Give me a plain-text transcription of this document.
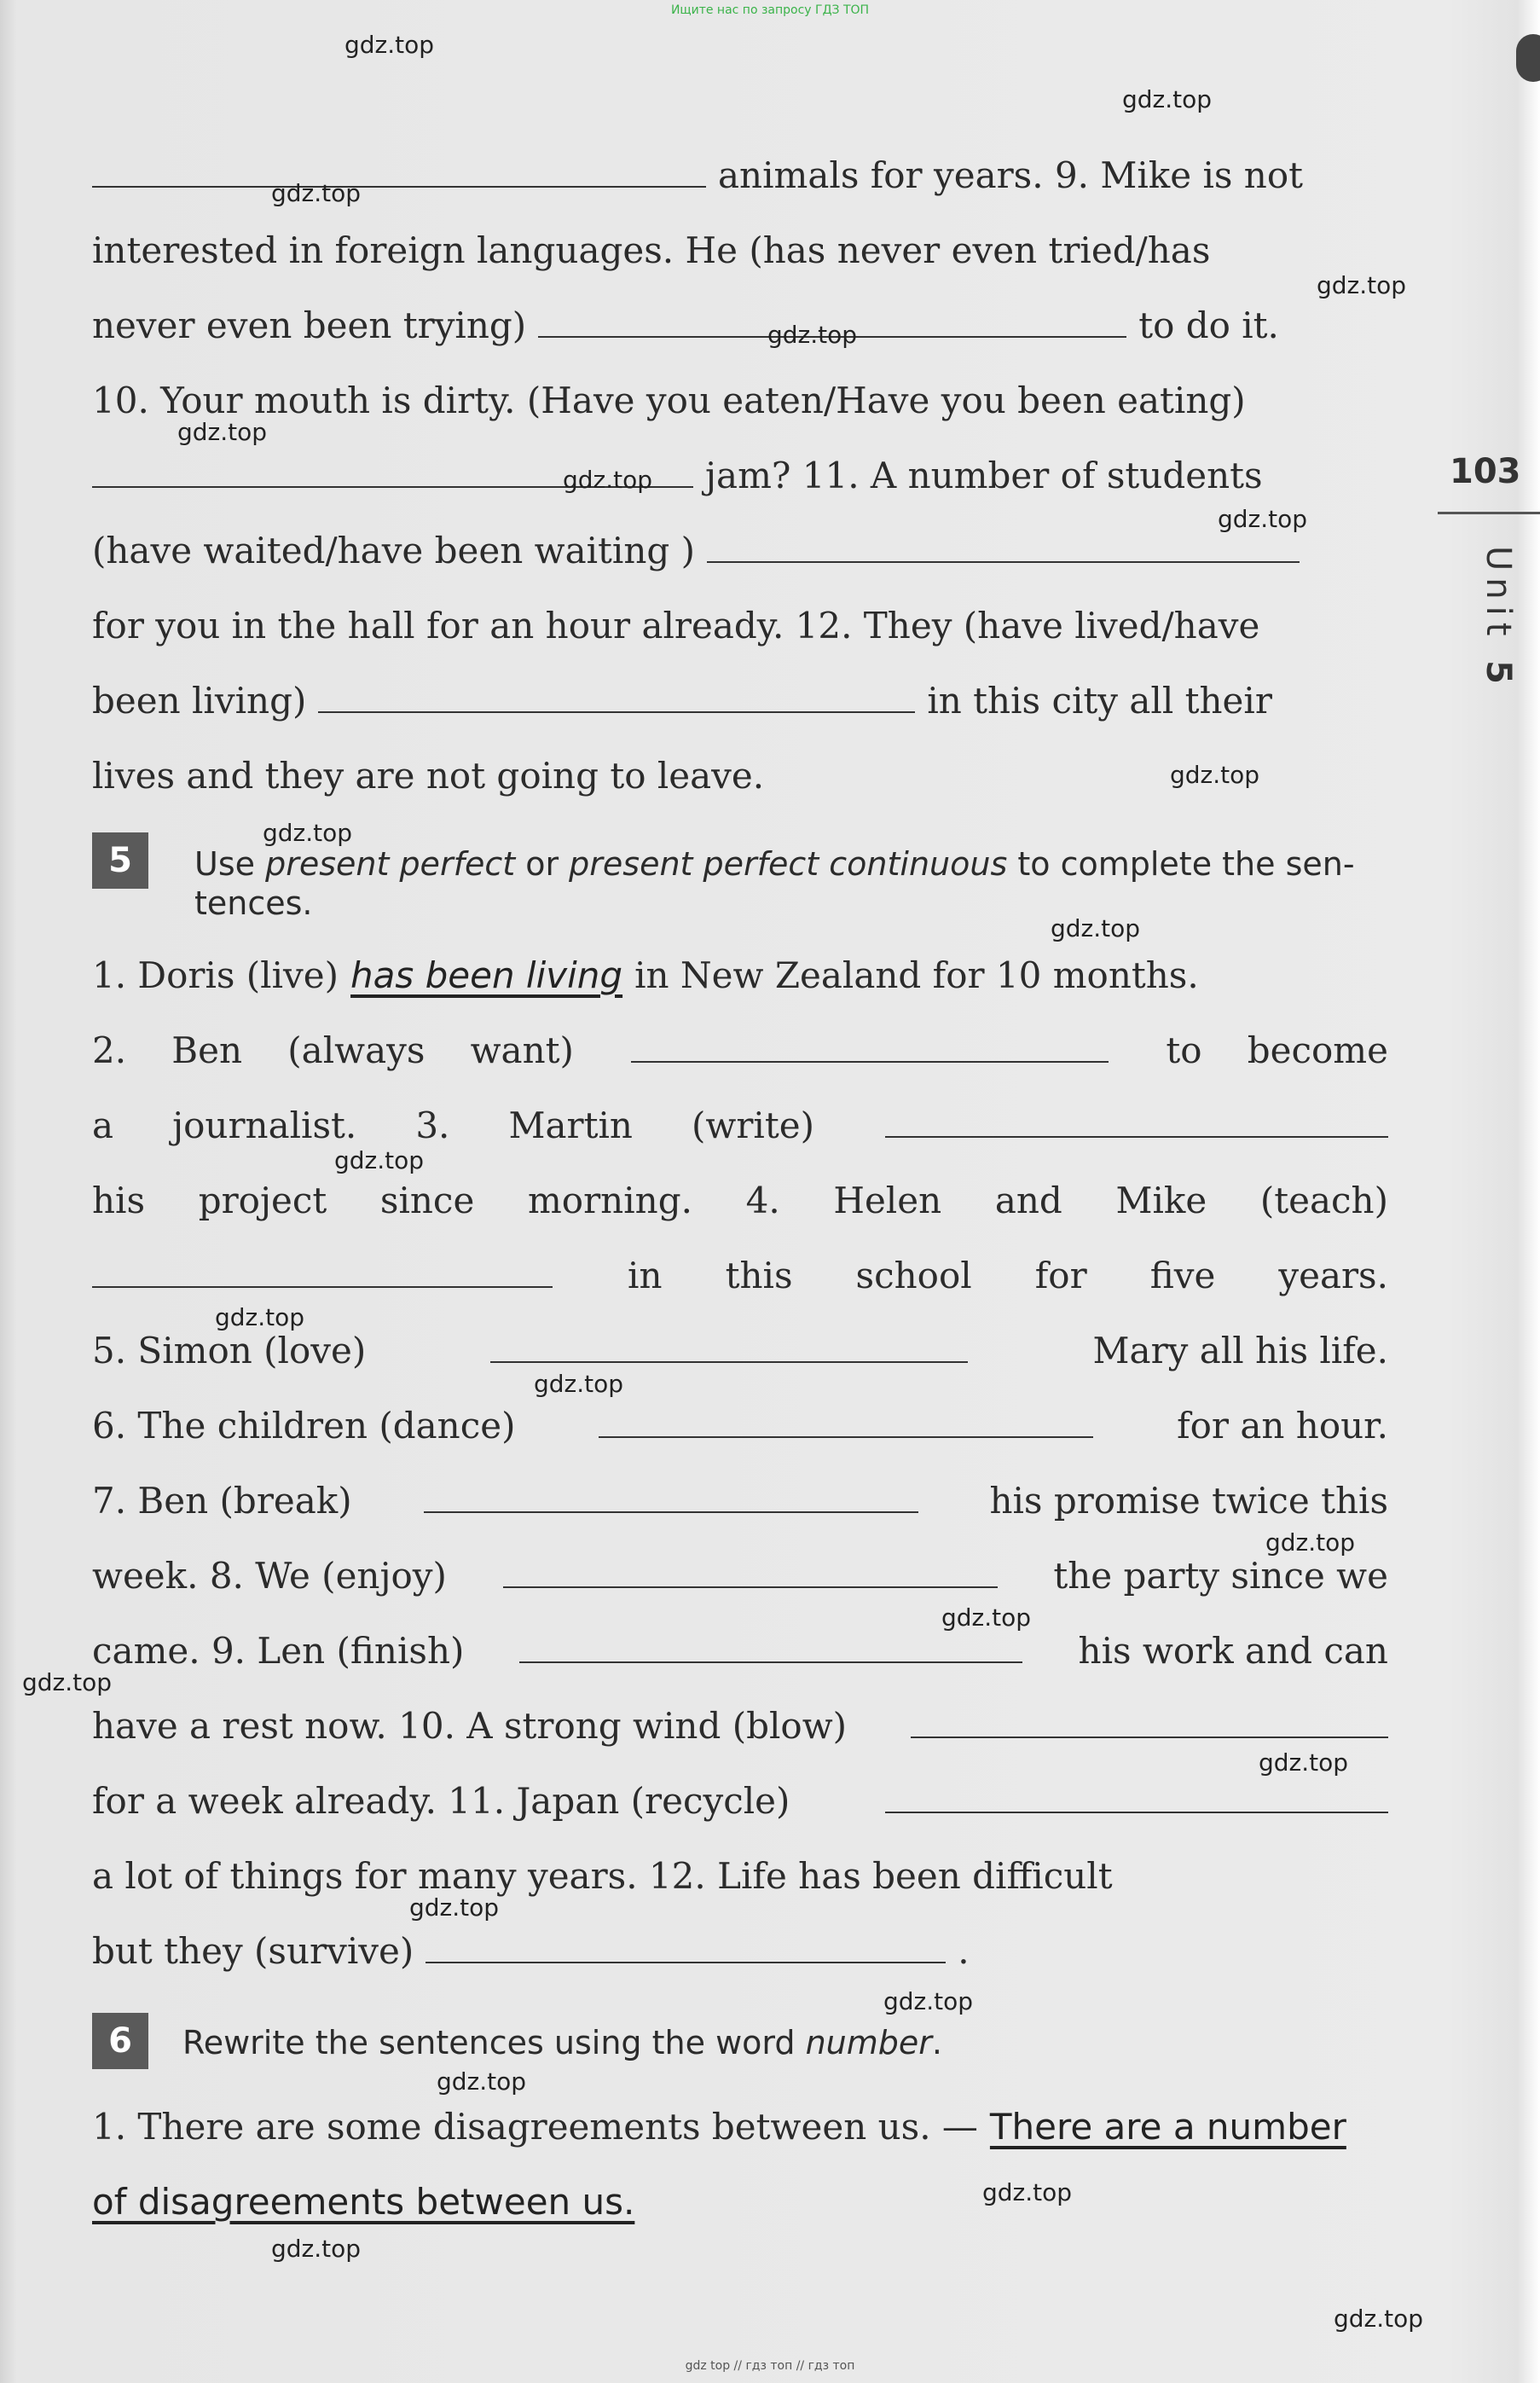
Ищите нас по запросу ГДЗ ТОП

animals for years. 9. Mike is not
interested in foreign languages. He (has never even tried/has
never even been trying)	to do it.
10. Your mouth is dirty. (Have you eaten/Have you been eating)
jam? 11. A number of students
(have waited/have been waiting )
for you in the hall for an hour already. 12. They (have lived/have
been living)	in this city all their
lives and they are not going to leave.
5	Use present perfect or present perfect continuous to complete the sen-
tences.
1. Doris (live) has been living in New Zealand for 10 months.
2. Ben (always want)	to become
a journalist. 3. Martin (write)
his project since morning. 4. Helen and Mike (teach)
in this school for five years.
5. Simon (love)	Mary all his life.
6. The children (dance)	for an hour.
7. Ben (break)	his promise twice this
week. 8. We (enjoy)	the party since we
came. 9. Len (finish)	his work and can
have a rest now. 10. A strong wind (blow)
for a week already. 11. Japan (recycle)
a lot of things for many years. 12. Life has been difficult
but they (survive)	.
6	Rewrite the sentences using the word number.
1. There are some disagreements between us. — There are a number
of disagreements between us.
103
Unit 5
gdz.top
gdz.top
gdz.top
gdz.top
gdz.top
gdz.top
gdz.top
gdz.top
gdz.top
gdz.top
gdz.top
gdz.top
gdz.top
gdz.top
gdz.top
gdz.top
gdz.top
gdz.top
gdz.top
gdz.top
gdz.top
gdz.top
gdz.top
gdz.top
gdz top // гдз топ // гдз топ
